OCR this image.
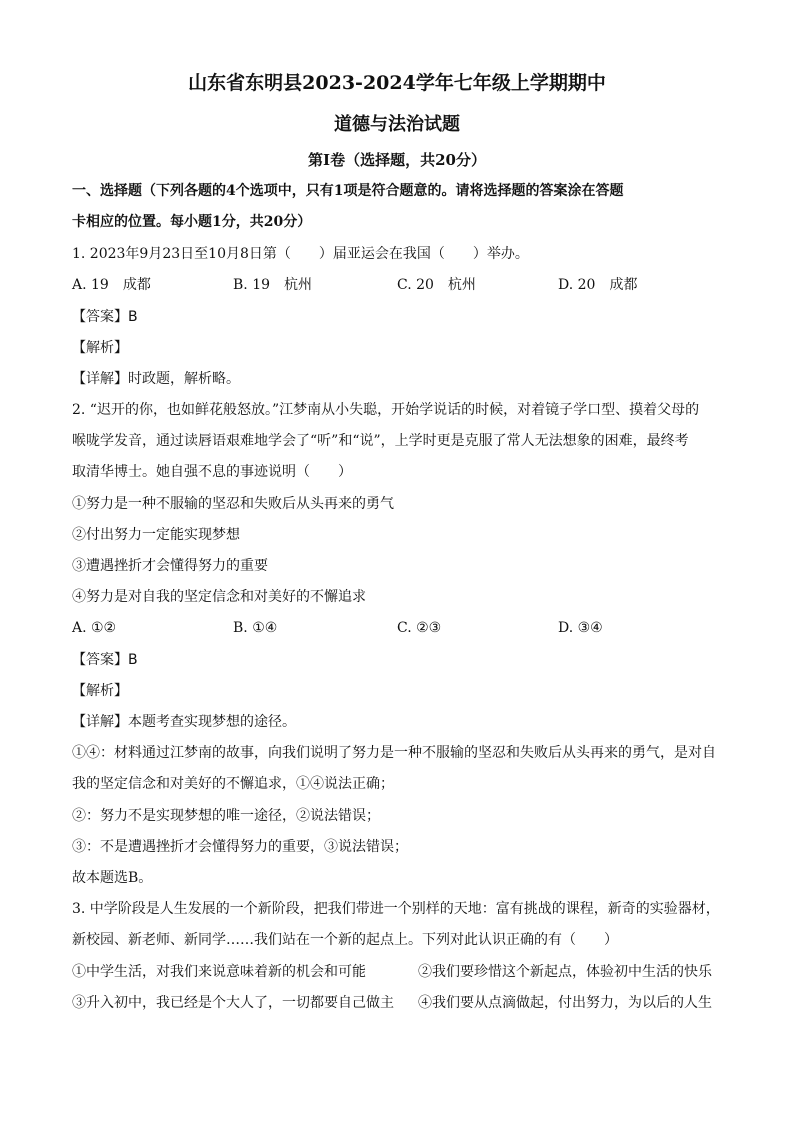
山东省东明县2023-2024学年七年级上学期期中
道德与法治试题
第Ⅰ卷（选择题，共20分）
一、选择题（下列各题的4个选项中，只有1项是符合题意的。请将选择题的答案涂在答题
卡相应的位置。每小题1分，共20分）
1. 2023年9月23日至10月8日第（　　）届亚运会在我国（　　）举办。
A. 19　成都	B. 19　杭州	C. 20　杭州	D. 20　成都
【答案】B
【解析】
【详解】时政题，解析略。
2. “迟开的你，也如鲜花般怒放。”江梦南从小失聪，开始学说话的时候，对着镜子学口型、摸着父母的
喉咙学发音，通过读唇语艰难地学会了“听”和“说”，上学时更是克服了常人无法想象的困难，最终考
取清华博士。她自强不息的事迹说明（　　）
①努力是一种不服输的坚忍和失败后从头再来的勇气
②付出努力一定能实现梦想
③遭遇挫折才会懂得努力的重要
④努力是对自我的坚定信念和对美好的不懈追求
A. ①②	B. ①④	C. ②③	D. ③④
【答案】B
【解析】
【详解】本题考查实现梦想的途径。
①④：材料通过江梦南的故事，向我们说明了努力是一种不服输的坚忍和失败后从头再来的勇气，是对自
我的坚定信念和对美好的不懈追求，①④说法正确；
②：努力不是实现梦想的唯一途径，②说法错误；
③：不是遭遇挫折才会懂得努力的重要，③说法错误；
故本题选B。
3. 中学阶段是人生发展的一个新阶段，把我们带进一个别样的天地：富有挑战的课程，新奇的实验器材，
新校园、新老师、新同学……我们站在一个新的起点上。下列对此认识正确的有（　　）
①中学生活，对我们来说意味着新的机会和可能	②我们要珍惜这个新起点，体验初中生活的快乐
③升入初中，我已经是个大人了，一切都要自己做主 ④我们要从点滴做起，付出努力，为以后的人生
